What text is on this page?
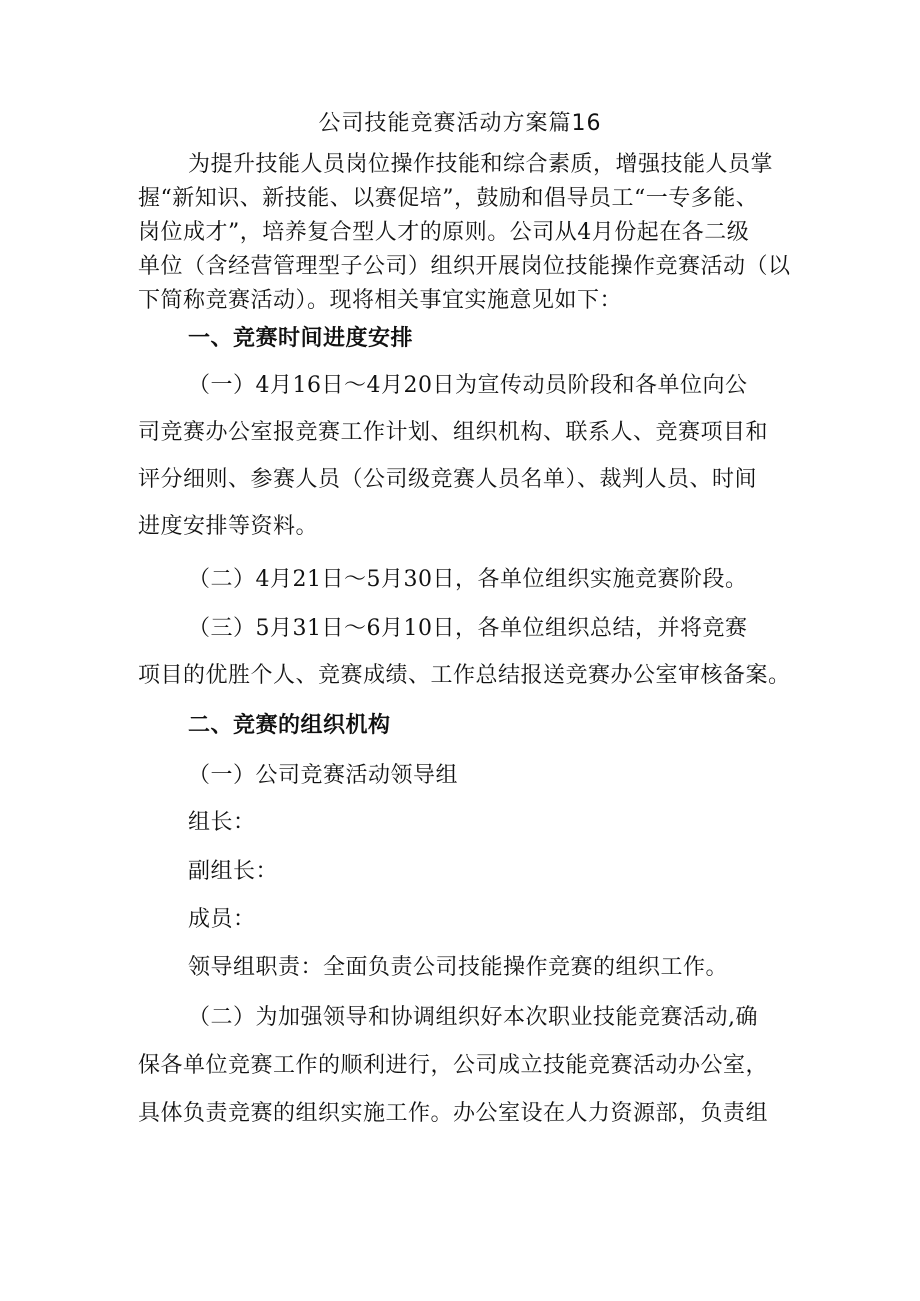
公司技能竞赛活动方案篇16
为提升技能人员岗位操作技能和综合素质，增强技能人员掌
握“新知识、新技能、以赛促培”，鼓励和倡导员工“一专多能、
岗位成才”，培养复合型人才的原则。公司从4月份起在各二级
单位（含经营管理型子公司）组织开展岗位技能操作竞赛活动（以
下简称竞赛活动）。现将相关事宜实施意见如下：
一、竞赛时间进度安排
（一）4月16日～4月20日为宣传动员阶段和各单位向公
司竞赛办公室报竞赛工作计划、组织机构、联系人、竞赛项目和
评分细则、参赛人员（公司级竞赛人员名单）、裁判人员、时间
进度安排等资料。
（二）4月21日～5月30日，各单位组织实施竞赛阶段。
（三）5月31日～6月10日，各单位组织总结，并将竞赛
项目的优胜个人、竞赛成绩、工作总结报送竞赛办公室审核备案。
二、竞赛的组织机构
（一）公司竞赛活动领导组
组长：
副组长：
成员：
领导组职责：全面负责公司技能操作竞赛的组织工作。
（二）为加强领导和协调组织好本次职业技能竞赛活动,确
保各单位竞赛工作的顺利进行，公司成立技能竞赛活动办公室，
具体负责竞赛的组织实施工作。办公室设在人力资源部，负责组
